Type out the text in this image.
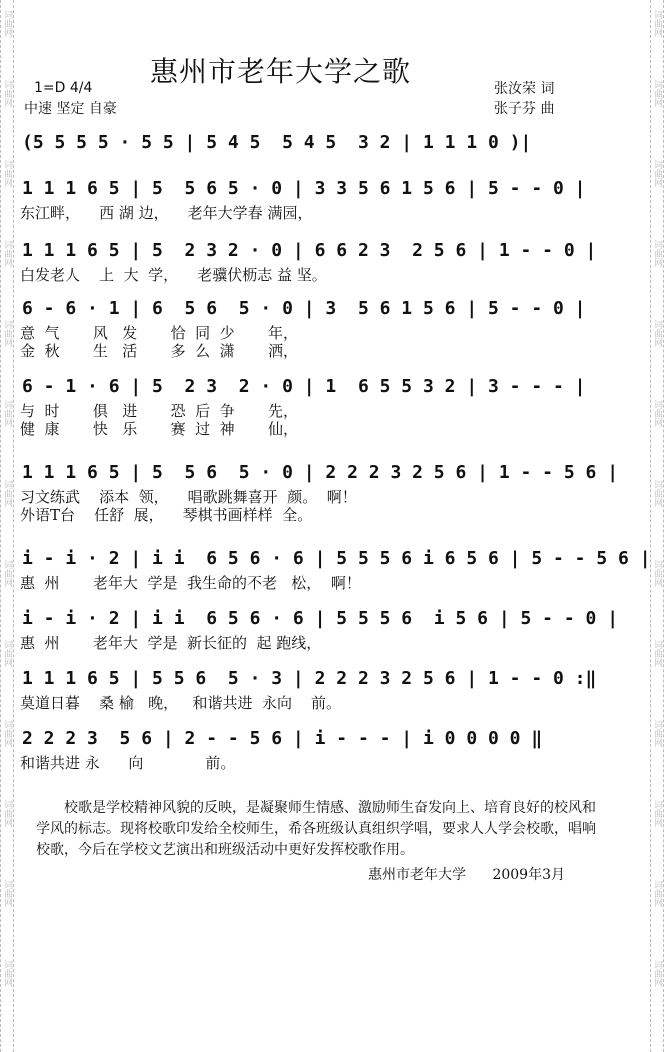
词曲网
词曲网
词曲网
词曲网
词曲网
词曲网
词曲网
词曲网
词曲网
词曲网
词曲网
词曲网
词曲网
词曲网
词曲网
词曲网
词曲网
词曲网
词曲网
词曲网
词曲网
词曲网
词曲网
词曲网
词曲网
词曲网
惠州市老年大学之歌
1=D 4/4
中速 坚定 自豪
张汝荣 词
张子芬 曲
(5 5 5 5 · 5 5 | 5 4 5  5 4 5  3 2 | 1 1 1 0 )|
1 1 1 6 5 | 5  5 6 5 · 0 | 3 3 5 6 1 5 6 | 5 - - 0 |
东江畔，    西 湖 边，    老年大学春 满园，
1 1 1 6 5 | 5  2 3 2 · 0 | 6 6 2 3  2 5 6 | 1 - - 0 |
白发老人    上  大  学，    老骥伏枥志 益 坚。
6 - 6 · 1 | 6  5 6  5 · 0 | 3  5 6 1 5 6 | 5 - - 0 |
意  气       风   发       恰  同  少       年，
金  秋       生   活       多  么  潇       洒，
6 - 1 · 6 | 5  2 3  2 · 0 | 1  6 5 5 3 2 | 3 - - - |
与  时       俱   进       恐  后  争       先，
健  康       快   乐       赛  过  神       仙，
1 1 1 6 5 | 5  5 6  5 · 0 | 2 2 2 3 2 5 6 | 1 - - 5 6 |
习文练武    添本  领，    唱歌跳舞喜开  颜。  啊！
外语T台    任舒  展，    琴棋书画样样  全。
i - i · 2 | i i  6 5 6 · 6 | 5 5 5 6 i 6 5 6 | 5 - - 5 6 |
惠  州       老年大  学是  我生命的不老   松，  啊！
i - i · 2 | i i  6 5 6 · 6 | 5 5 5 6  i 5 6 | 5 - - 0 |
惠  州       老年大  学是  新长征的  起 跑线，
1 1 1 6 5 | 5 5 6  5 · 3 | 2 2 2 3 2 5 6 | 1 - - 0 :‖
莫道日暮    桑 榆   晚，   和谐共进  永向    前。
2 2 2 3  5 6 | 2 - - 5 6 | i - - - | i 0 0 0 0 ‖
和谐共进 永      向             前。
校歌是学校精神风貌的反映，是凝聚师生情感、激励师生奋发向上、培育良好的校风和学风的标志。现将校歌印发给全校师生，希各班级认真组织学唱，要求人人学会校歌，唱响校歌，今后在学校文艺演出和班级活动中更好发挥校歌作用。
惠州市老年大学 2009年3月
